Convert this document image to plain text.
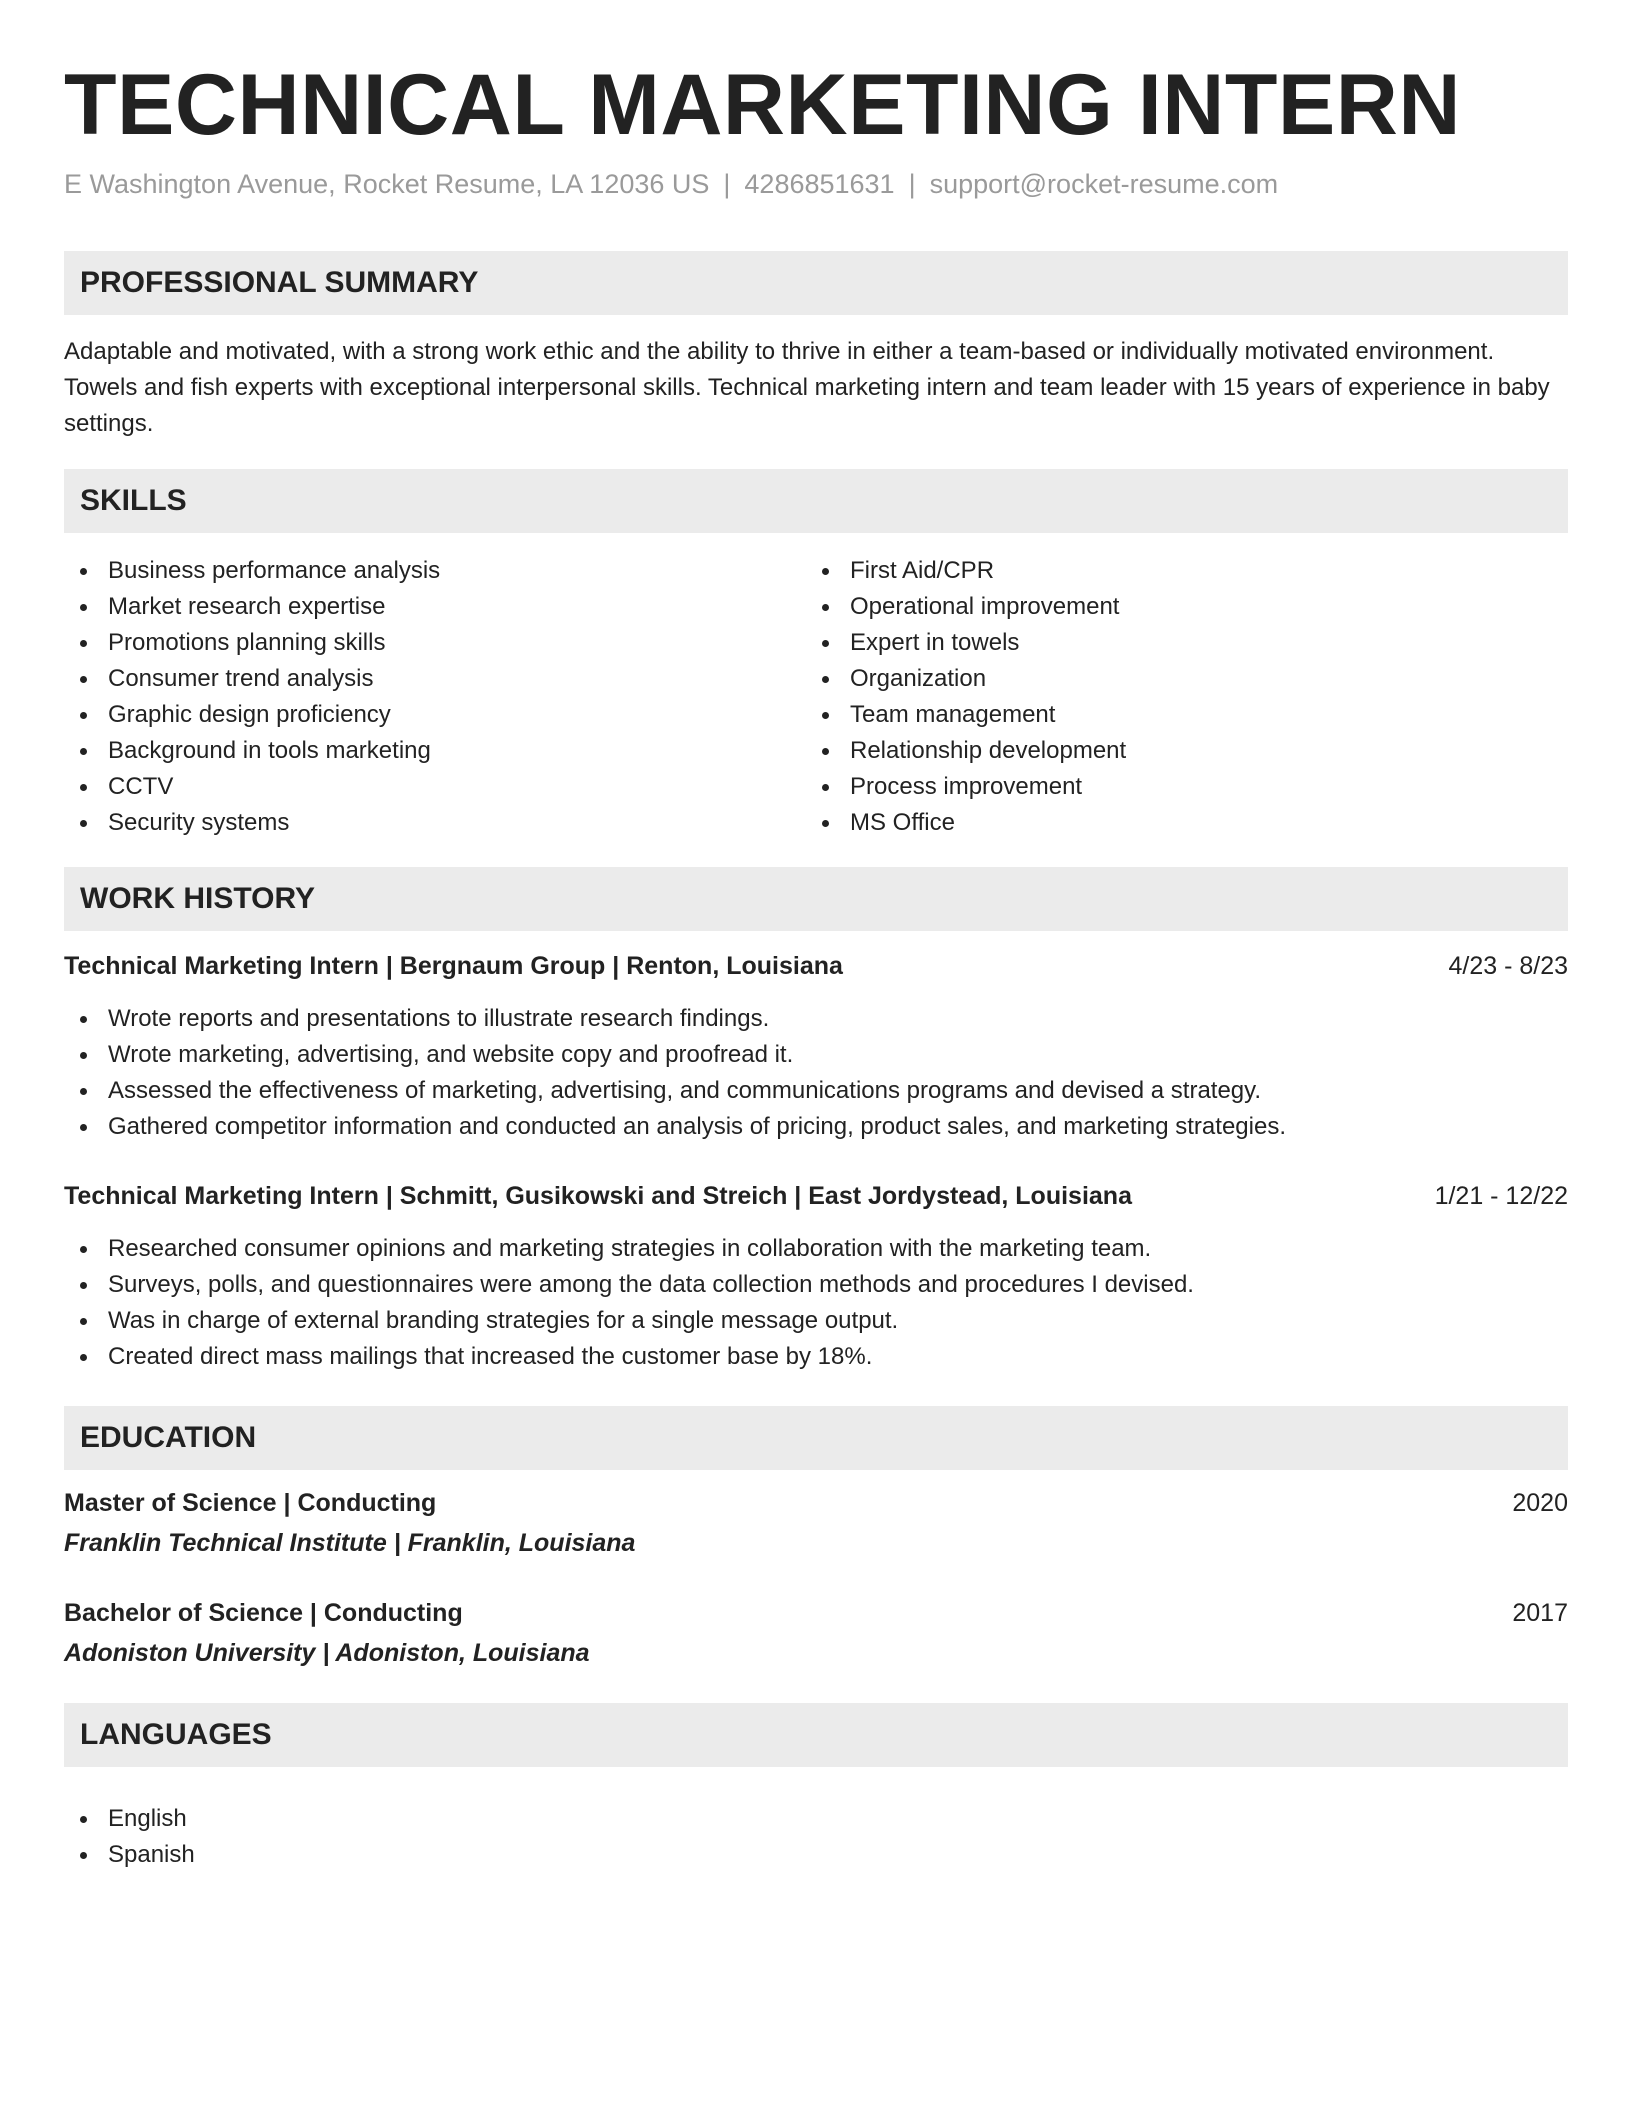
TECHNICAL MARKETING INTERN
E Washington Avenue, Rocket Resume, LA 12036 US | 4286851631 | support@rocket-resume.com
PROFESSIONAL SUMMARY

Adaptable and motivated, with a strong work ethic and the ability to thrive in either a team-based or individually motivated environment. Towels and fish experts with exceptional interpersonal skills. Technical marketing intern and team leader with 15 years of experience in baby settings.

SKILLS
Business performance analysis
Market research expertise
Promotions planning skills
Consumer trend analysis
Graphic design proficiency
Background in tools marketing
CCTV
Security systems
First Aid/CPR
Operational improvement
Expert in towels
Organization
Team management
Relationship development
Process improvement
MS Office
WORK HISTORY
Technical Marketing Intern | Bergnaum Group | Renton, Louisiana	4/23 - 8/23
Wrote reports and presentations to illustrate research findings.
Wrote marketing, advertising, and website copy and proofread it.
Assessed the effectiveness of marketing, advertising, and communications programs and devised a strategy.
Gathered competitor information and conducted an analysis of pricing, product sales, and marketing strategies.
Technical Marketing Intern | Schmitt, Gusikowski and Streich | East Jordystead, Louisiana	1/21 - 12/22
Researched consumer opinions and marketing strategies in collaboration with the marketing team.
Surveys, polls, and questionnaires were among the data collection methods and procedures I devised.
Was in charge of external branding strategies for a single message output.
Created direct mass mailings that increased the customer base by 18%.
EDUCATION
Master of Science | Conducting	2020
Franklin Technical Institute | Franklin, Louisiana
Bachelor of Science | Conducting	2017
Adoniston University | Adoniston, Louisiana
LANGUAGES
English
Spanish
